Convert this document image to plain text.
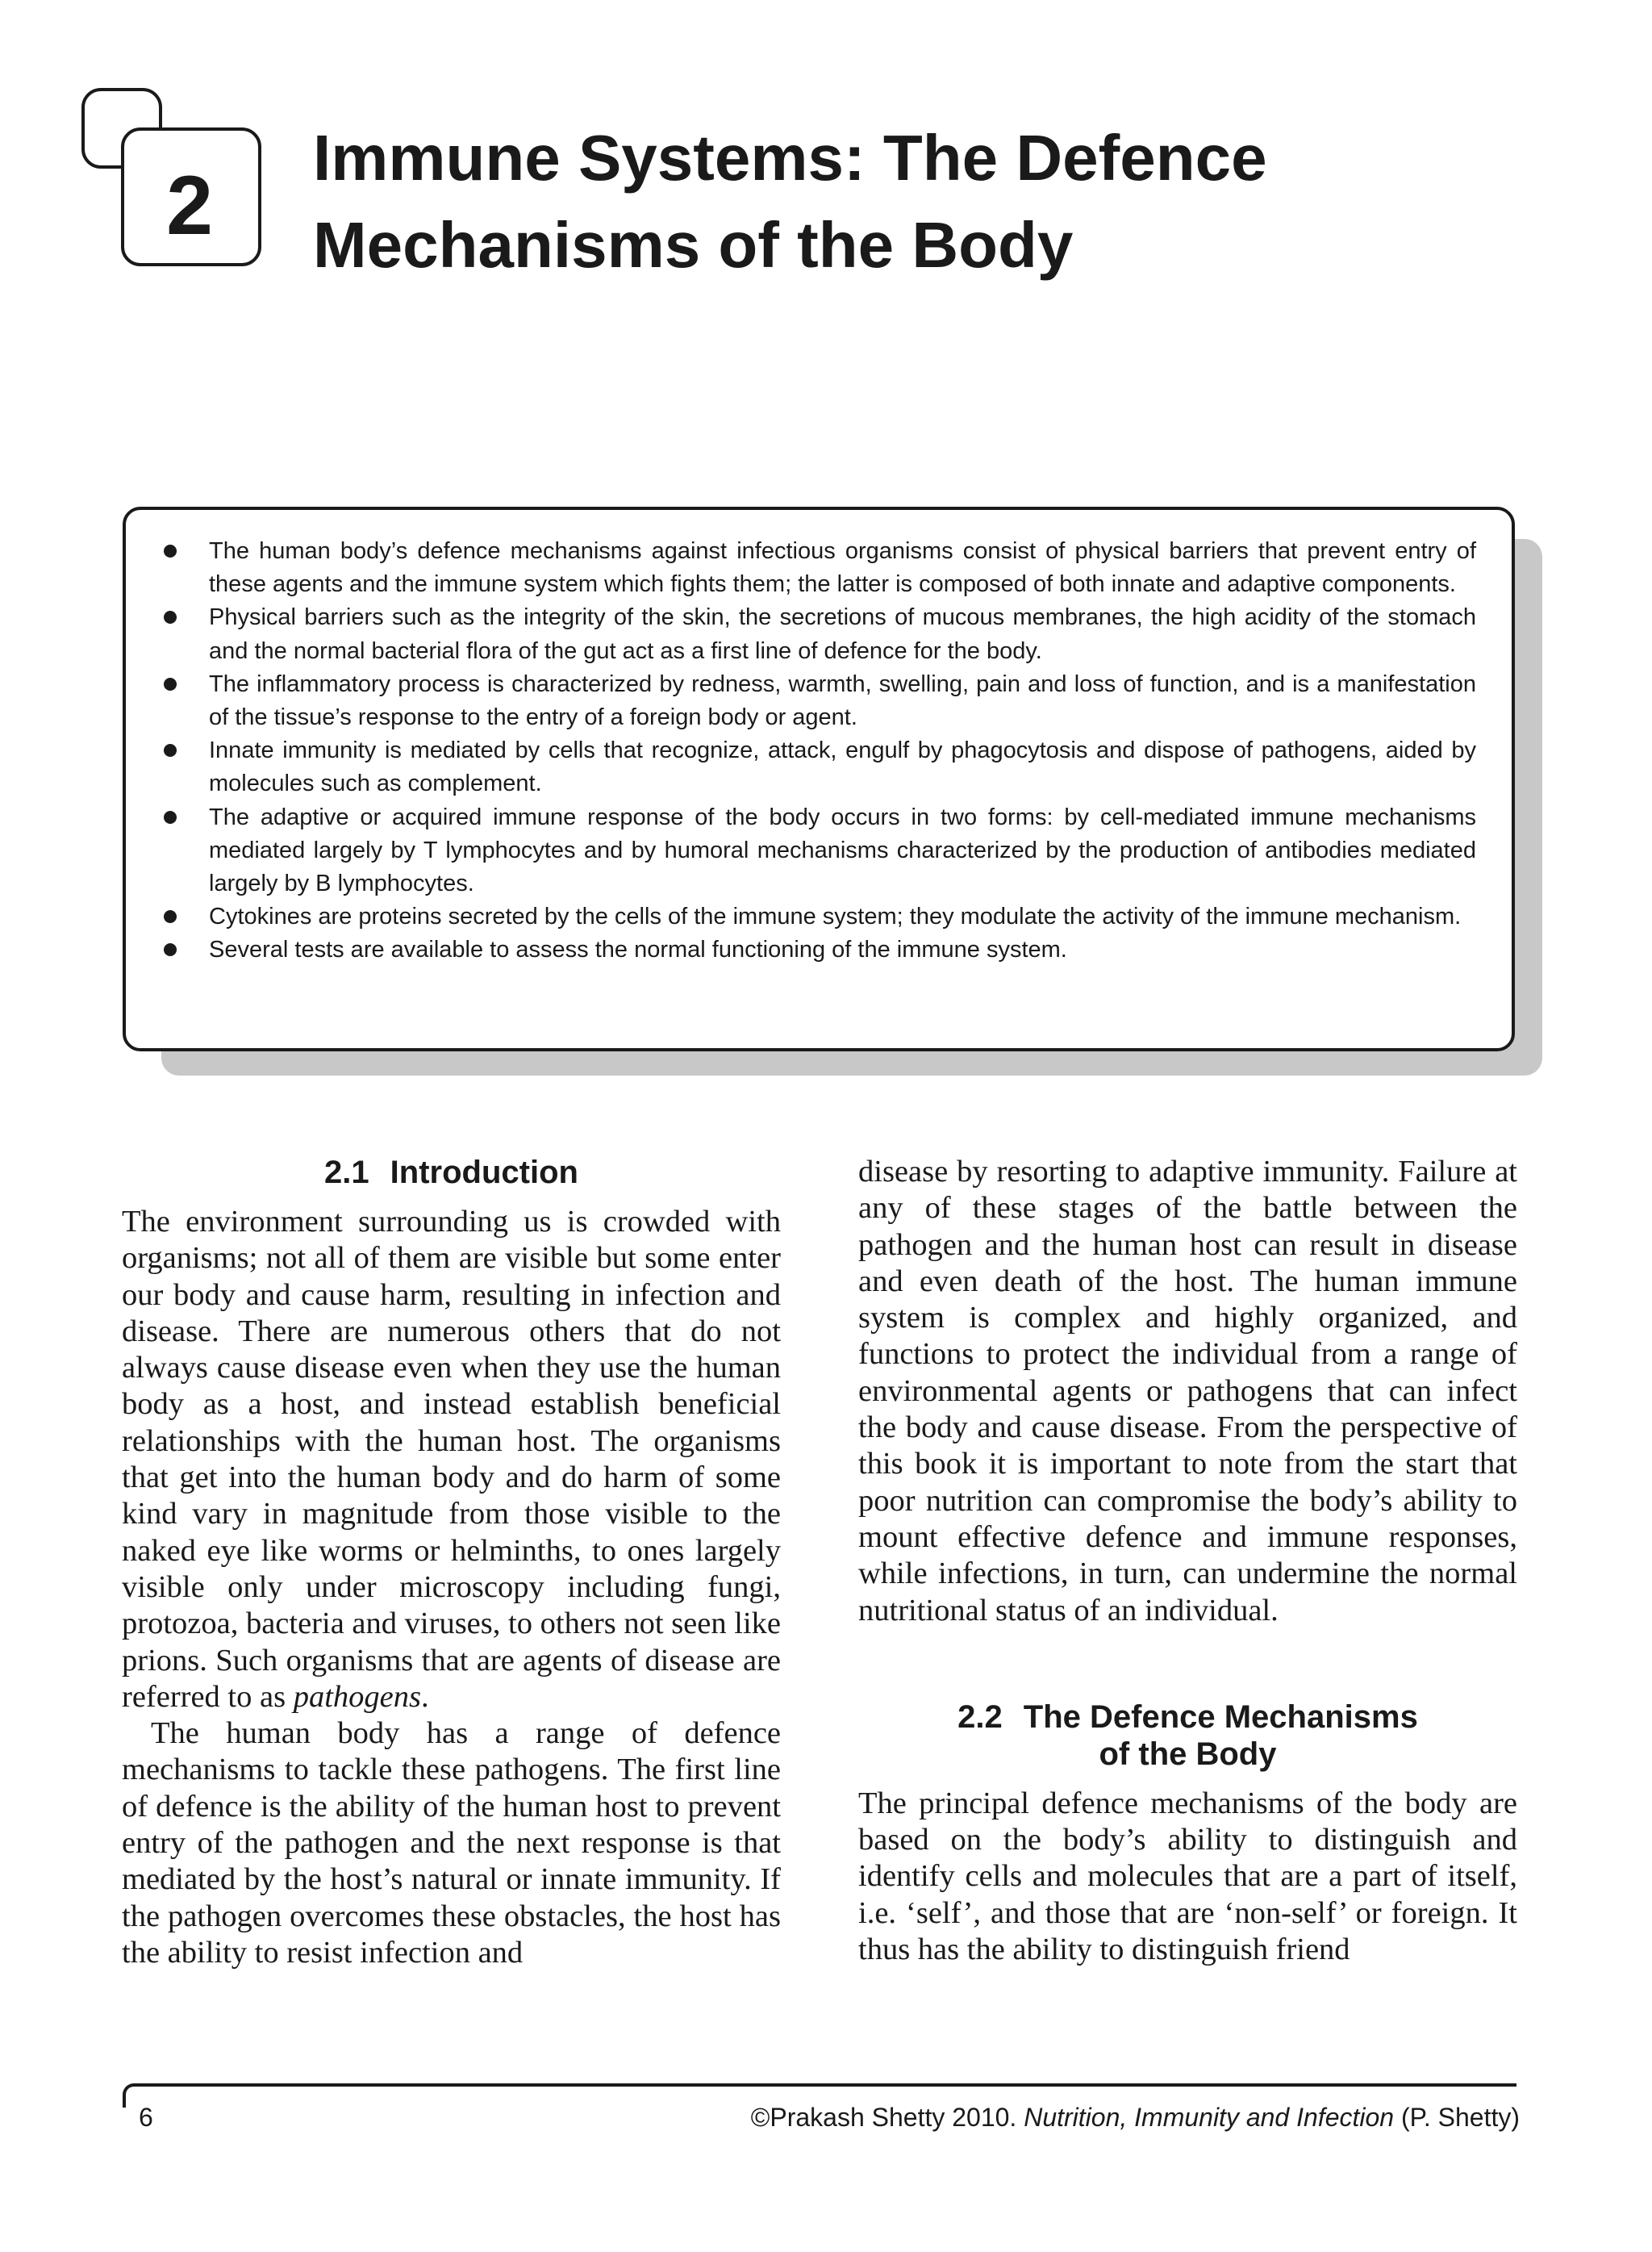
2
Immune Systems: The Defence
Mechanisms of the Body
The human body’s defence mechanisms against infectious organisms consist of physical barriers that prevent entry of these agents and the immune system which fights them; the latter is composed of both innate and adaptive components.
Physical barriers such as the integrity of the skin, the secretions of mucous membranes, the high acidity of the stomach and the normal bacterial flora of the gut act as a first line of defence for the body.
The inflammatory process is characterized by redness, warmth, swelling, pain and loss of function, and is a manifestation of the tissue’s response to the entry of a foreign body or agent.
Innate immunity is mediated by cells that recognize, attack, engulf by phagocytosis and dispose of pathogens, aided by molecules such as complement.
The adaptive or acquired immune response of the body occurs in two forms: by cell-mediated immune mechanisms mediated largely by T lymphocytes and by humoral mechanisms characterized by the production of antibodies mediated largely by B lymphocytes.
Cytokines are proteins secreted by the cells of the immune system; they modulate the activity of the immune mechanism.
Several tests are available to assess the normal functioning of the immune system.
2.1 Introduction

The environment surrounding us is crowded with organisms; not all of them are visible but some enter our body and cause harm, resulting in infection and disease. There are numerous others that do not always cause disease even when they use the human body as a host, and instead establish beneficial relationships with the human host. The organisms that get into the human body and do harm of some kind vary in magnitude from those visible to the naked eye like worms or helminths, to ones largely visible only under microscopy including fungi, protozoa, bacteria and viruses, to others not seen like prions. Such organisms that are agents of disease are referred to as pathogens.

The human body has a range of defence mechanisms to tackle these pathogens. The first line of defence is the ability of the human host to prevent entry of the pathogen and the next response is that mediated by the host’s natural or innate immunity. If the pathogen overcomes these obstacles, the host has the ability to resist infection and

disease by resorting to adaptive immunity. Failure at any of these stages of the battle between the pathogen and the human host can result in disease and even death of the host. The human immune system is complex and highly organized, and functions to protect the individual from a range of environmental agents or pathogens that can infect the body and cause disease. From the perspective of this book it is important to note from the start that poor nutrition can compromise the body’s ability to mount effective defence and immune responses, while infections, in turn, can undermine the normal nutritional status of an individual.

2.2 The Defence Mechanisms
of the Body

The principal defence mechanisms of the body are based on the body’s ability to distinguish and identify cells and molecules that are a part of itself, i.e. ‘self’, and those that are ‘non-self’ or foreign. It thus has the ability to distinguish friend

6	©Prakash Shetty 2010. Nutrition, Immunity and Infection (P. Shetty)
